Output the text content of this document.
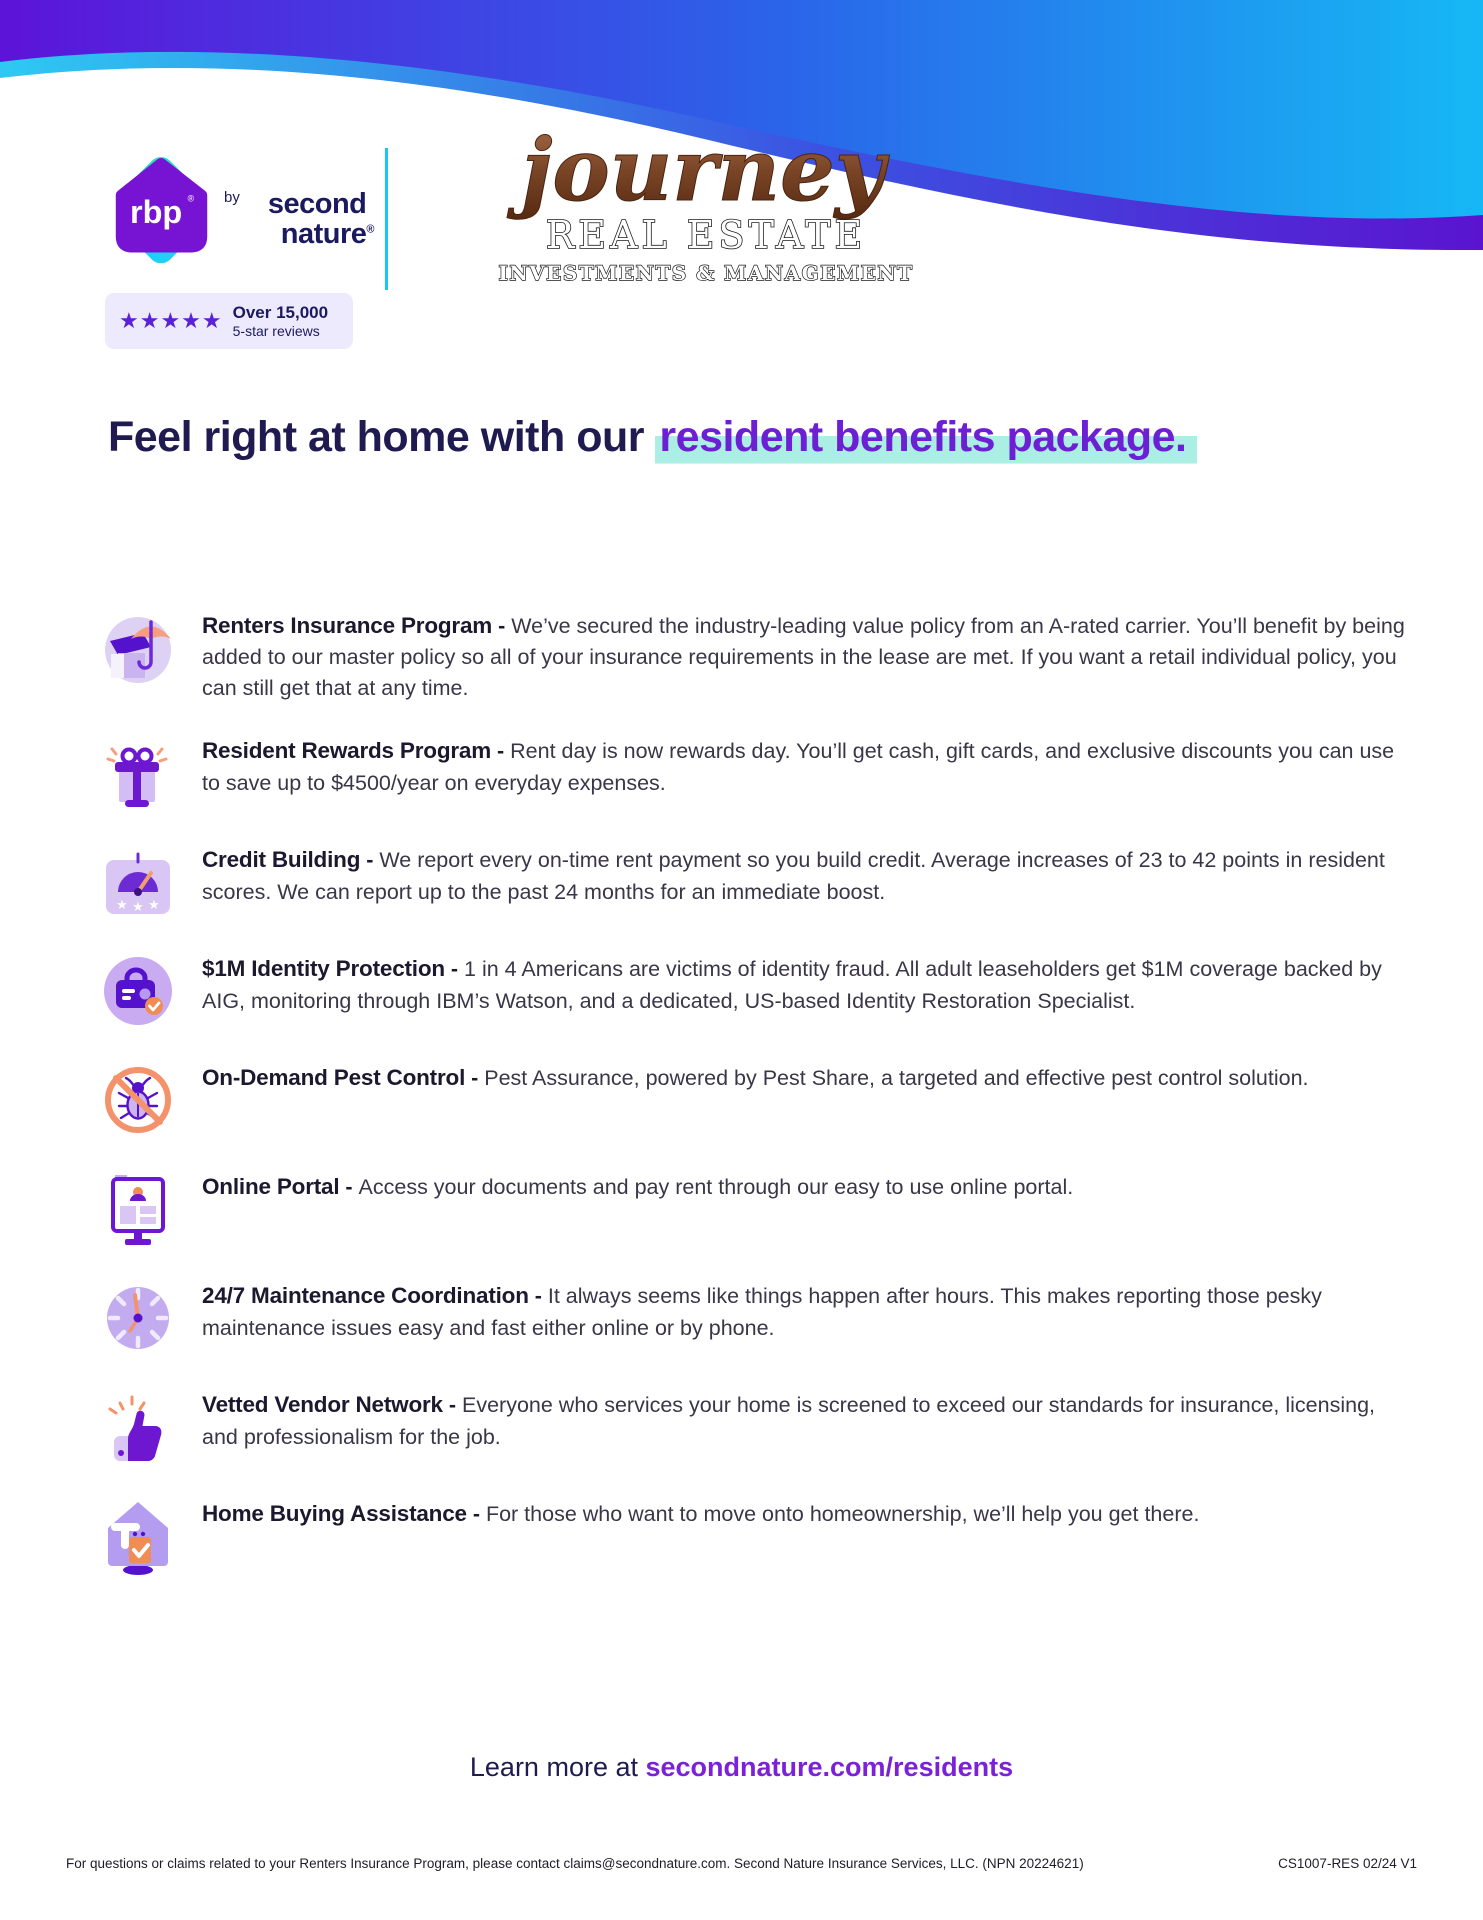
rbp ® by second
nature®
★★★★★ Over 15,000
5-star reviews
journey
REAL ESTATE
INVESTMENTS & MANAGEMENT
Feel right at home with our resident benefits package.

Renters Insurance Program - We’ve secured the industry-leading value policy from an A-rated carrier. You’ll benefit by being added to our master policy so all of your insurance requirements in the lease are met. If you want a retail individual policy, you can still get that at any time.

Resident Rewards Program - Rent day is now rewards day. You’ll get cash, gift cards, and exclusive discounts you can use to save up to $4500/year on everyday expenses.

★ ★ ★

Credit Building - We report every on-time rent payment so you build credit. Average increases of 23 to 42 points in resident scores. We can report up to the past 24 months for an immediate boost.

$1M Identity Protection - 1 in 4 Americans are victims of identity fraud. All adult leaseholders get $1M coverage backed by AIG, monitoring through IBM’s Watson, and a dedicated, US-based Identity Restoration Specialist.

On-Demand Pest Control - Pest Assurance, powered by Pest Share, a targeted and effective pest control solution.

Online Portal - Access your documents and pay rent through our easy to use online portal.

24/7 Maintenance Coordination - It always seems like things happen after hours. This makes reporting those pesky maintenance issues easy and fast either online or by phone.

Vetted Vendor Network - Everyone who services your home is screened to exceed our standards for insurance, licensing, and professionalism for the job.

Home Buying Assistance - For those who want to move onto homeownership, we’ll help you get there.

Learn more at secondnature.com/residents
For questions or claims related to your Renters Insurance Program, please contact claims@secondnature.com. Second Nature Insurance Services, LLC. (NPN 20224621)	CS1007-RES 02/24 V1
